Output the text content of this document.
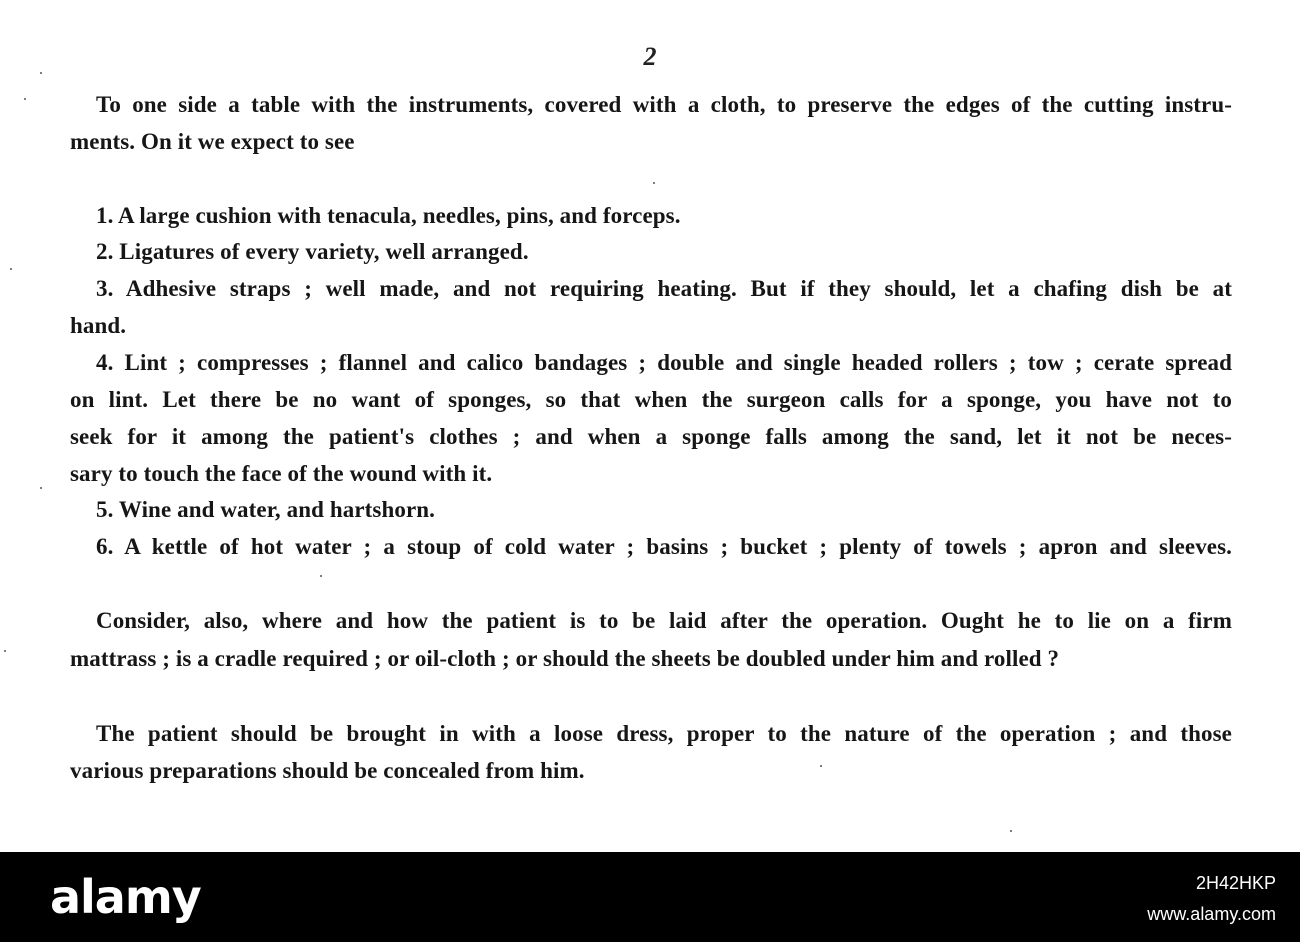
2
To one side a table with the instruments, covered with a cloth, to preserve the edges of the cutting instru-
ments. On it we expect to see
1. A large cushion with tenacula, needles, pins, and forceps.
2. Ligatures of every variety, well arranged.
3. Adhesive straps ; well made, and not requiring heating. But if they should, let a chafing dish be at
hand.
4. Lint ; compresses ; flannel and calico bandages ; double and single headed rollers ; tow ; cerate spread
on lint. Let there be no want of sponges, so that when the surgeon calls for a sponge, you have not to
seek for it among the patient's clothes ; and when a sponge falls among the sand, let it not be neces-
sary to touch the face of the wound with it.
5. Wine and water, and hartshorn.
6. A kettle of hot water ; a stoup of cold water ; basins ; bucket ; plenty of towels ; apron and sleeves.
Consider, also, where and how the patient is to be laid after the operation. Ought he to lie on a firm
mattrass ; is a cradle required ; or oil-cloth ; or should the sheets be doubled under him and rolled ?
The patient should be brought in with a loose dress, proper to the nature of the operation ; and those
various preparations should be concealed from him.
alamy	2H42HKP
www.alamy.com
